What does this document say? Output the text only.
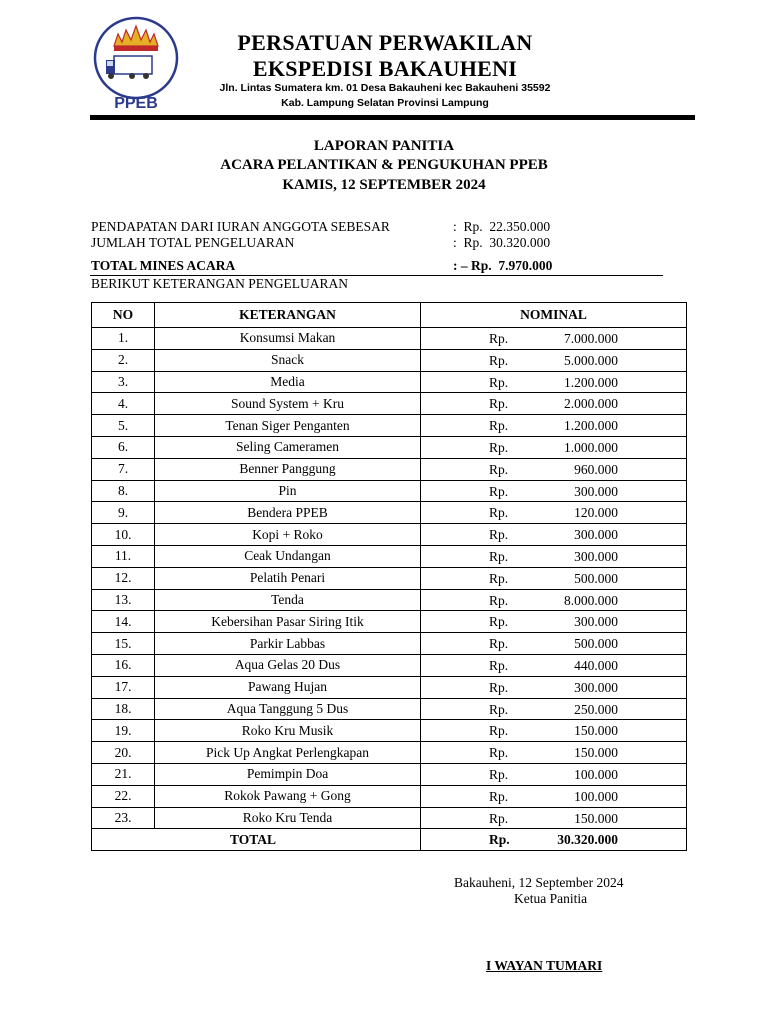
PPEB
PERSATUAN PERWAKILAN
EKSPEDISI BAKAUHENI
Jln. Lintas Sumatera km. 01 Desa Bakauheni kec Bakauheni 35592
Kab. Lampung Selatan Provinsi Lampung
LAPORAN PANITIA
ACARA PELANTIKAN & PENGUKUHAN PPEB
KAMIS, 12 SEPTEMBER 2024
PENDAPATAN DARI IURAN ANGGOTA SEBESAR	:  Rp.  22.350.000
JUMLAH TOTAL PENGELUARAN	:  Rp.  30.320.000
TOTAL MINES ACARA	: – Rp.  7.970.000
BERIKUT KETERANGAN PENGELUARAN
NO	KETERANGAN	NOMINAL
1.	Konsumsi Makan	Rp. 7.000.000

2.	Snack	Rp. 5.000.000

3.	Media	Rp. 1.200.000

4.	Sound System + Kru	Rp. 2.000.000

5.	Tenan Siger Penganten	Rp. 1.200.000

6.	Seling Cameramen	Rp. 1.000.000

7.	Benner Panggung	Rp. 960.000

8.	Pin	Rp. 300.000

9.	Bendera PPEB	Rp. 120.000

10.	Kopi + Roko	Rp. 300.000

11.	Ceak Undangan	Rp. 300.000

12.	Pelatih Penari	Rp. 500.000

13.	Tenda	Rp. 8.000.000

14.	Kebersihan Pasar Siring Itik	Rp. 300.000

15.	Parkir Labbas	Rp. 500.000

16.	Aqua Gelas 20 Dus	Rp. 440.000

17.	Pawang Hujan	Rp. 300.000

18.	Aqua Tanggung 5 Dus	Rp. 250.000

19.	Roko Kru Musik	Rp. 150.000

20.	Pick Up Angkat Perlengkapan	Rp. 150.000

21.	Pemimpin Doa	Rp. 100.000

22.	Rokok Pawang + Gong	Rp. 100.000

23.	Roko Kru Tenda	Rp. 150.000

TOTAL		Rp. 30.320.000
Bakauheni, 12 September 2024
Ketua Panitia
I WAYAN TUMARI
